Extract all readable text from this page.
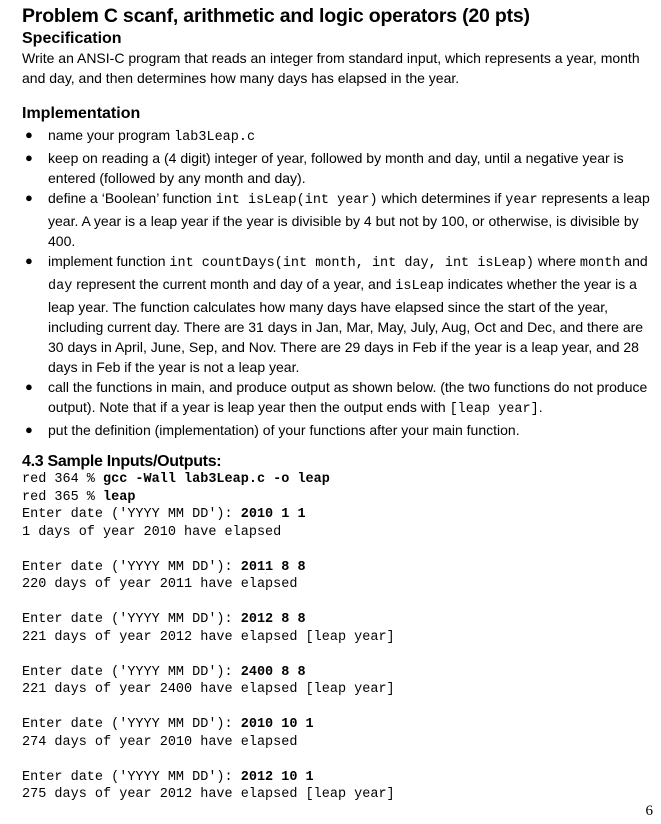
Problem C scanf, arithmetic and logic operators (20 pts)
Specification

Write an ANSI-C program that reads an integer from standard input, which represents a year, month and day, and then determines how many days has elapsed in the year.

Implementation
● name your program lab3Leap.c
● keep on reading a (4 digit) integer of year, followed by month and day, until a negative year is entered (followed by any month and day).
● define a ‘Boolean’ function int isLeap(int year) which determines if year represents a leap year. A year is a leap year if the year is divisible by 4 but not by 100, or otherwise, is divisible by 400.
● implement function int countDays(int month, int day, int isLeap) where month and day represent the current month and day of a year, and isLeap indicates whether the year is a leap year. The function calculates how many days have elapsed since the start of the year, including current day. There are 31 days in Jan, Mar, May, July, Aug, Oct and Dec, and there are 30 days in April, June, Sep, and Nov. There are 29 days in Feb if the year is a leap year, and 28 days in Feb if the year is not a leap year.
● call the functions in main, and produce output as shown below. (the two functions do not produce output). Note that if a year is leap year then the output ends with [leap year].
● put the definition (implementation) of your functions after your main function.
4.3 Sample Inputs/Outputs:
red 364 % gcc -Wall lab3Leap.c -o leap
red 365 % leap
Enter date ('YYYY MM DD'): 2010 1 1
1 days of year 2010 have elapsed
Enter date ('YYYY MM DD'): 2011 8 8
220 days of year 2011 have elapsed
Enter date ('YYYY MM DD'): 2012 8 8
221 days of year 2012 have elapsed [leap year]
Enter date ('YYYY MM DD'): 2400 8 8
221 days of year 2400 have elapsed [leap year]
Enter date ('YYYY MM DD'): 2010 10 1
274 days of year 2010 have elapsed
Enter date ('YYYY MM DD'): 2012 10 1
275 days of year 2012 have elapsed [leap year]
6
